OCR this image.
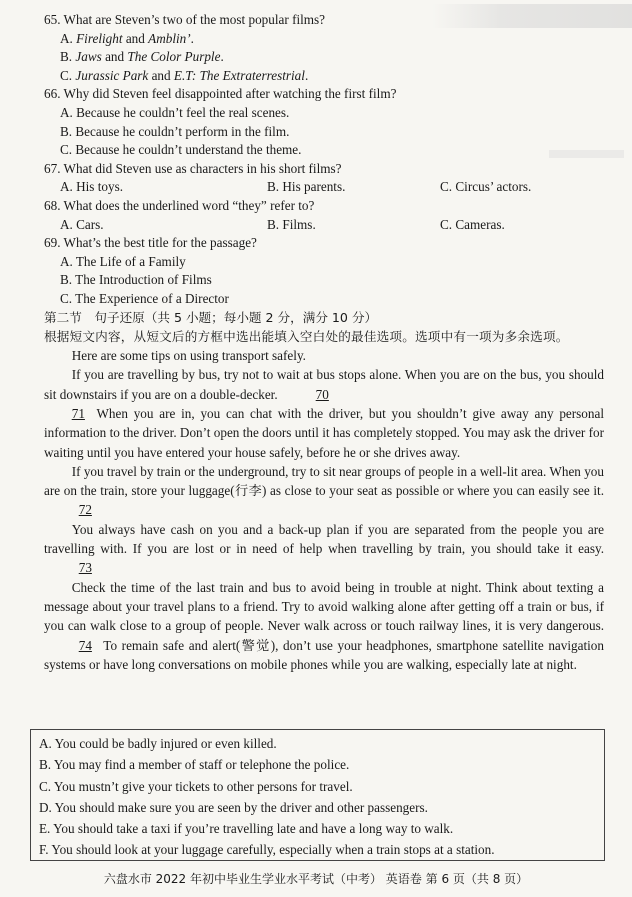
65. What are Steven’s two of the most popular films?

A. Firelight and Amblin’.

B. Jaws and The Color Purple.

C. Jurassic Park and E.T: The Extraterrestrial.

66. Why did Steven feel disappointed after watching the first film?

A. Because he couldn’t feel the real scenes.

B. Because he couldn’t perform in the film.

C. Because he couldn’t understand the theme.

67. What did Steven use as characters in his short films?

A. His toys.	B. His parents.	C. Circus’ actors.

68. What does the underlined word “they” refer to?

A. Cars.	B. Films.	C. Cameras.

69. What’s the best title for the passage?

A. The Life of a Family

B. The Introduction of Films

C. The Experience of a Director

第二节　句子还原（共 5 小题；每小题 2 分，满分 10 分）

根据短文内容，从短文后的方框中选出能填入空白处的最佳选项。选项中有一项为多余选项。

Here are some tips on using transport safely.

If you are travelling by bus, try not to wait at bus stops alone. When you are on the bus, you should sit downstairs if you are on a double-decker.	70

71 When you are in, you can chat with the driver, but you shouldn’t give away any personal information to the driver. Don’t open the doors until it has completely stopped. You may ask the driver for waiting until you have entered your house safely, before he or she drives away.

If you travel by train or the underground, try to sit near groups of people in a well-lit area. When you are on the train, store your luggage(行李) as close to your seat as possible or where you can easily see it. 72

You always have cash on you and a back-up plan if you are separated from the people you are travelling with. If you are lost or in need of help when travelling by train, you should take it easy. 73

Check the time of the last train and bus to avoid being in trouble at night. Think about texting a message about your travel plans to a friend. Try to avoid walking alone after getting off a train or bus, if you can walk close to a group of people. Never walk across or touch railway lines, it is very dangerous. 74 To remain safe and alert(警觉), don’t use your headphones, smartphone satellite navigation systems or have long conversations on mobile phones while you are walking, especially late at night.

A. You could be badly injured or even killed.

B. You may find a member of staff or telephone the police.

C. You mustn’t give your tickets to other persons for travel.

D. You should make sure you are seen by the driver and other passengers.

E. You should take a taxi if you’re travelling late and have a long way to walk.

F. You should look at your luggage carefully, especially when a train stops at a station.

六盘水市 2022 年初中毕业生学业水平考试（中考） 英语卷 第 6 页（共 8 页）
